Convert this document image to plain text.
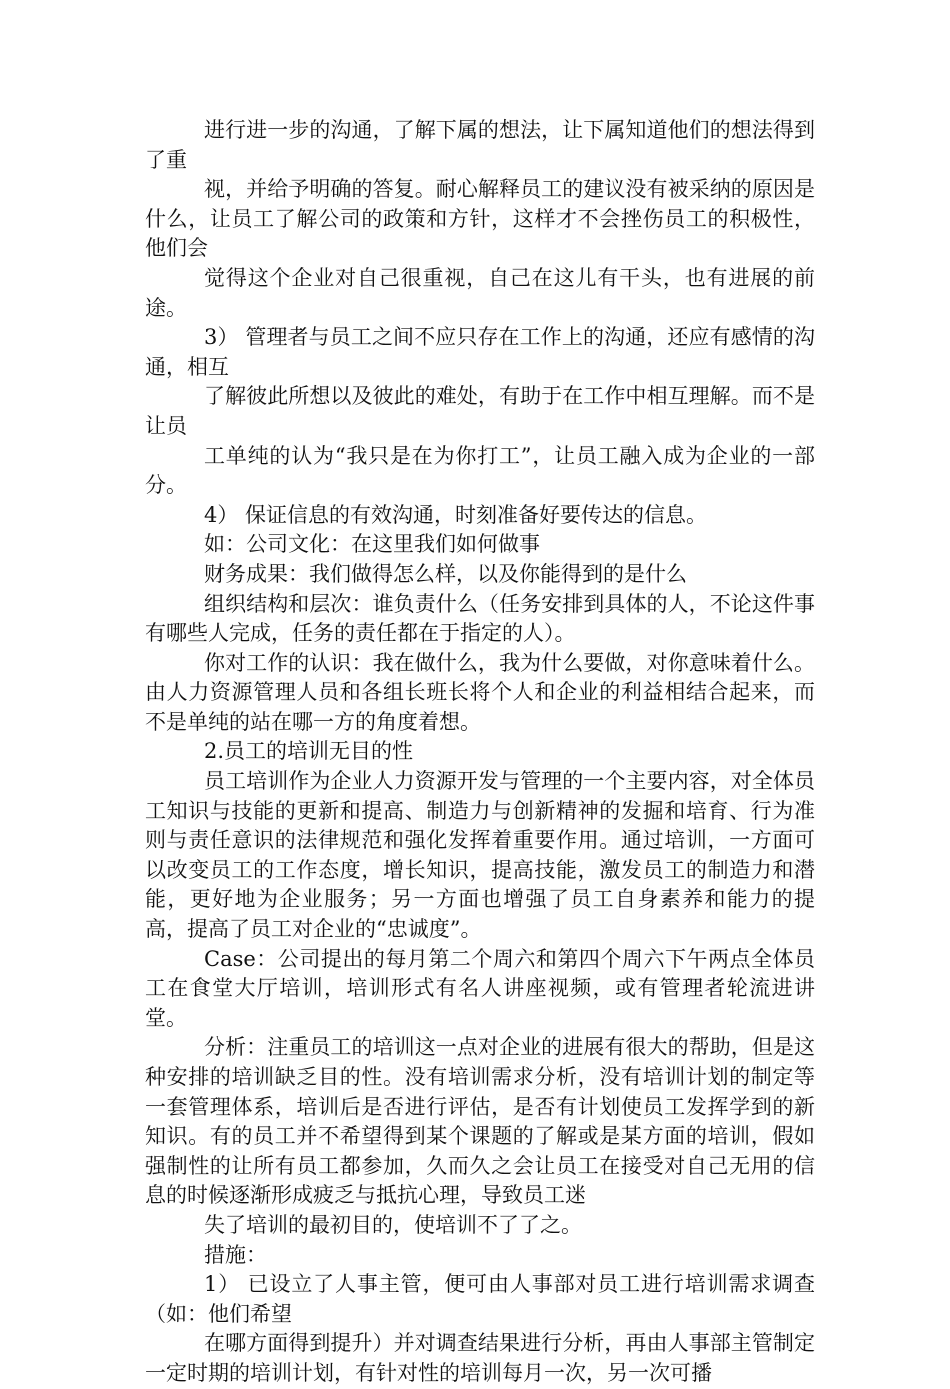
进行进一步的沟通，了解下属的想法，让下属知道他们的想法得到了重

视，并给予明确的答复。耐心解释员工的建议没有被采纳的原因是什么，让员工了解公司的政策和方针，这样才不会挫伤员工的积极性，他们会

觉得这个企业对自己很重视，自己在这儿有干头，也有进展的前途。

3） 管理者与员工之间不应只存在工作上的沟通，还应有感情的沟通，相互

了解彼此所想以及彼此的难处，有助于在工作中相互理解。而不是让员

工单纯的认为“我只是在为你打工”，让员工融入成为企业的一部分。

4） 保证信息的有效沟通，时刻准备好要传达的信息。

如：公司文化：在这里我们如何做事

财务成果：我们做得怎么样，以及你能得到的是什么

组织结构和层次：谁负责什么（任务安排到具体的人，不论这件事有哪些人完成，任务的责任都在于指定的人）。

你对工作的认识：我在做什么，我为什么要做，对你意味着什么。由人力资源管理人员和各组长班长将个人和企业的利益相结合起来，而不是单纯的站在哪一方的角度着想。

2.员工的培训无目的性

员工培训作为企业人力资源开发与管理的一个主要内容，对全体员工知识与技能的更新和提高、制造力与创新精神的发掘和培育、行为准则与责任意识的法律规范和强化发挥着重要作用。通过培训，一方面可以改变员工的工作态度，增长知识，提高技能，激发员工的制造力和潜能，更好地为企业服务；另一方面也增强了员工自身素养和能力的提高，提高了员工对企业的“忠诚度”。

Case：公司提出的每月第二个周六和第四个周六下午两点全体员工在食堂大厅培训，培训形式有名人讲座视频，或有管理者轮流进讲堂。

分析：注重员工的培训这一点对企业的进展有很大的帮助，但是这种安排的培训缺乏目的性。没有培训需求分析，没有培训计划的制定等一套管理体系，培训后是否进行评估，是否有计划使员工发挥学到的新知识。有的员工并不希望得到某个课题的了解或是某方面的培训，假如强制性的让所有员工都参加，久而久之会让员工在接受对自己无用的信息的时候逐渐形成疲乏与抵抗心理，导致员工迷

失了培训的最初目的，使培训不了了之。

措施：

1） 已设立了人事主管，便可由人事部对员工进行培训需求调查（如：他们希望

在哪方面得到提升）并对调查结果进行分析，再由人事部主管制定一定时期的培训计划，有针对性的培训每月一次，另一次可播
